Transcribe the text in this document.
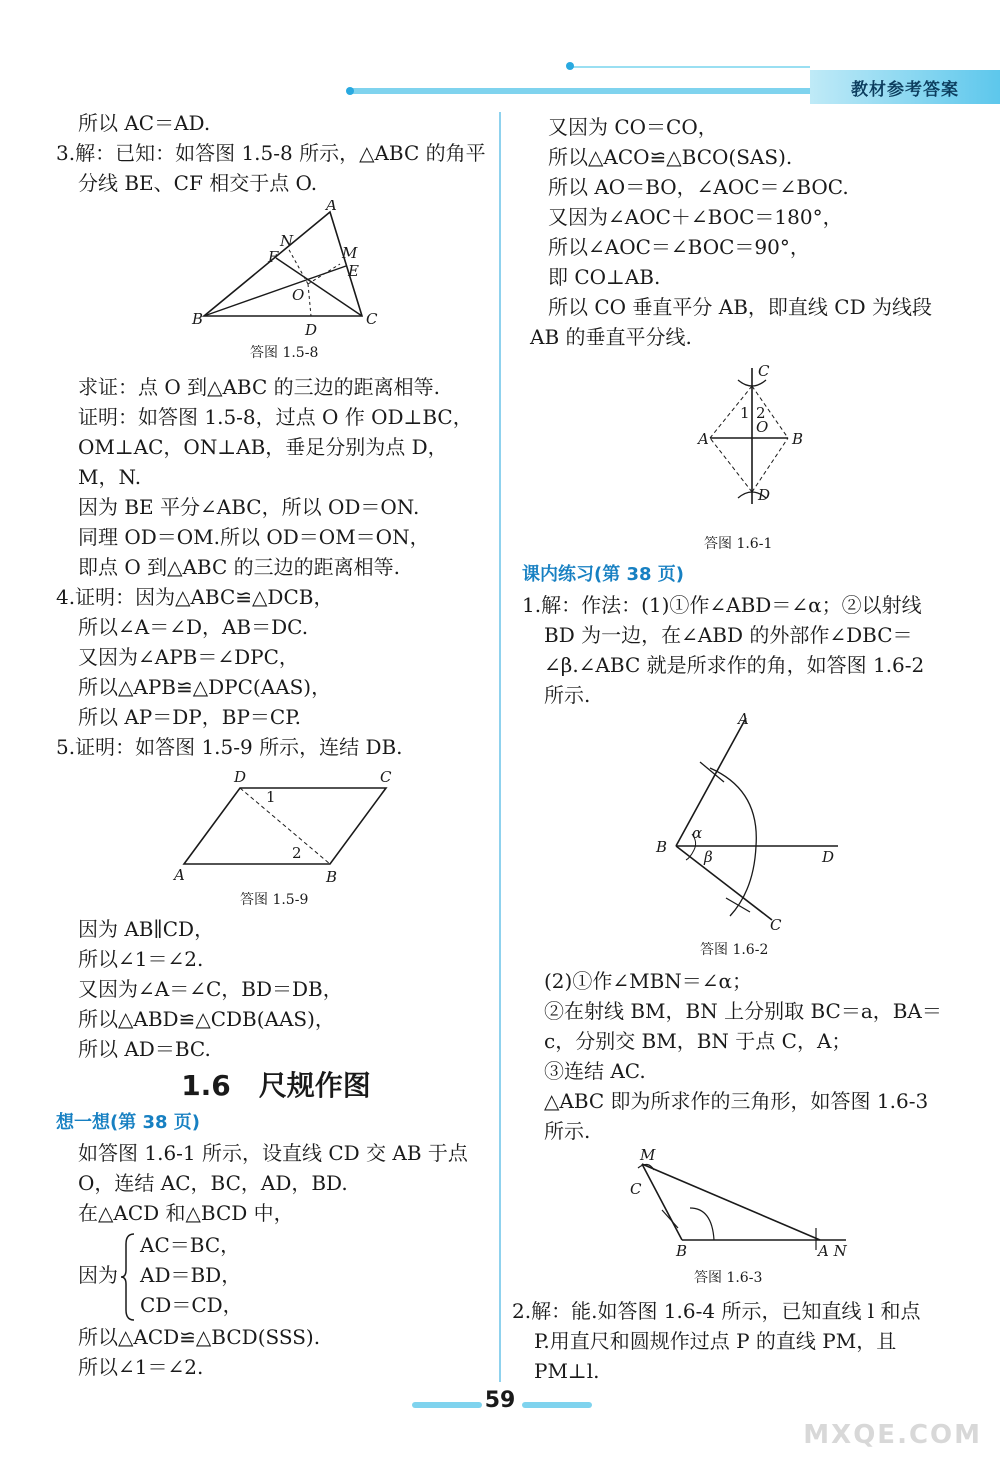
教材参考答案
所以 AC＝AD.
3.解：已知：如答图 1.5-8 所示，△ABC 的角平
分线 BE、CF 相交于点 O.
A
B	C
D
F
N
M
E
O
答图 1.5-8
求证：点 O 到△ABC 的三边的距离相等.
证明：如答图 1.5-8，过点 O 作 OD⊥BC，
OM⊥AC，ON⊥AB，垂足分别为点 D，
M，N.
因为 BE 平分∠ABC，所以 OD＝ON.
同理 OD＝OM.所以 OD＝OM＝ON，
即点 O 到△ABC 的三边的距离相等.
4.证明：因为△ABC≌△DCB，
所以∠A＝∠D，AB＝DC.
又因为∠APB＝∠DPC，
所以△APB≌△DPC(AAS)，
所以 AP＝DP，BP＝CP.
5.证明：如答图 1.5-9 所示，连结 DB.
D	C
A	B
1
2
答图 1.5-9
因为 AB∥CD，
所以∠1＝∠2.
又因为∠A＝∠C，BD＝DB，
所以△ABD≌△CDB(AAS)，
所以 AD＝BC.
1.6　尺规作图
想一想(第 38 页)
如答图 1.6-1 所示，设直线 CD 交 AB 于点
O，连结 AC，BC，AD，BD.
在△ACD 和△BCD 中，
因为
AC＝BC，
AD＝BD，
CD＝CD，
所以△ACD≌△BCD(SSS).
所以∠1＝∠2.
又因为 CO＝CO，
所以△ACO≌△BCO(SAS).
所以 AO＝BO，∠AOC＝∠BOC.
又因为∠AOC＋∠BOC＝180°，
所以∠AOC＝∠BOC＝90°，
即 CO⊥AB.
所以 CO 垂直平分 AB，即直线 CD 为线段
AB 的垂直平分线.
C
A	B
D
O
1 2
答图 1.6-1
课内练习(第 38 页)
1.解：作法：(1)①作∠ABD＝∠α；②以射线
BD 为一边，在∠ABD 的外部作∠DBC＝
∠β.∠ABC 就是所求作的角，如答图 1.6-2
所示.
A
B
D
C
α
β
答图 1.6-2
(2)①作∠MBN＝∠α；
②在射线 BM，BN 上分别取 BC＝a，BA＝
c，分别交 BM，BN 于点 C，A；
③连结 AC.
△ABC 即为所求作的三角形，如答图 1.6-3
所示.
M
C
B	A N
答图 1.6-3
2.解：能.如答图 1.6-4 所示，已知直线 l 和点
P.用直尺和圆规作过点 P 的直线 PM，且
PM⊥l.
59
MXQE.COM
